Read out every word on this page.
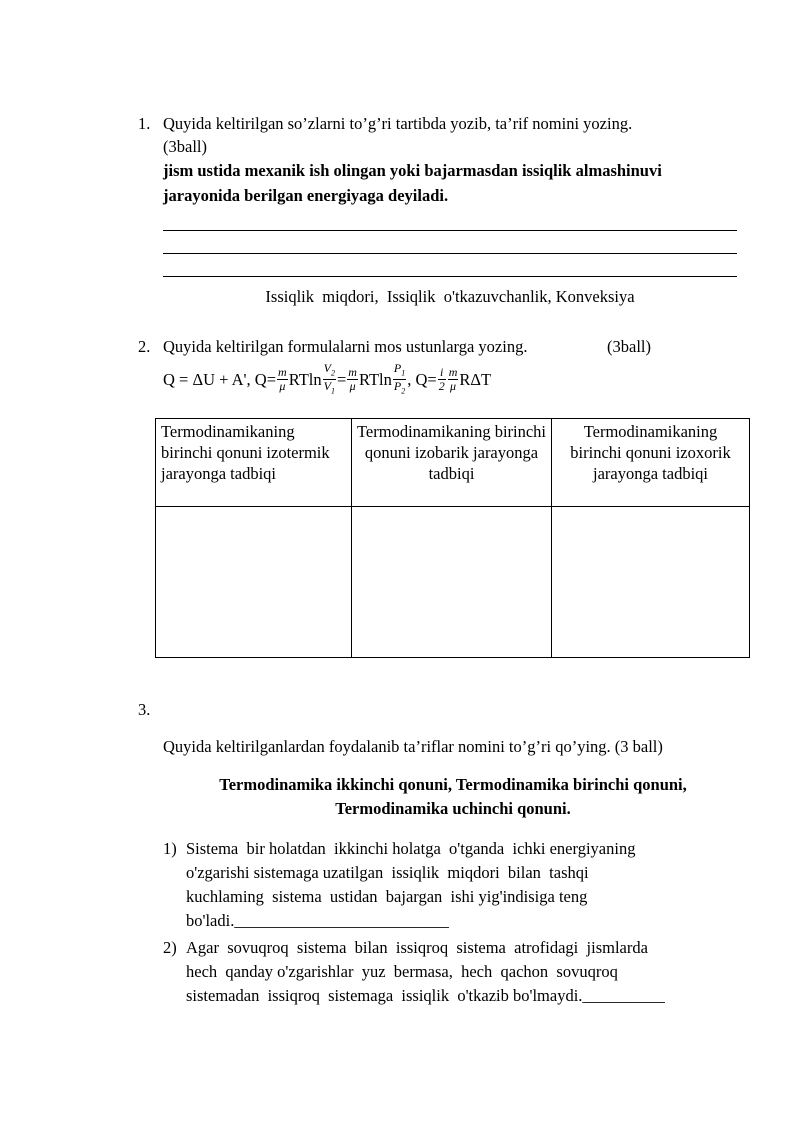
1. Quyida keltirilgan so’zlarni to’g’ri tartibda yozib, ta’rif nomini yozing.
(3ball)
jism ustida mexanik ish olingan yoki bajarmasdan issiqlik almashinuvi
jarayonida berilgan energiyaga deyiladi.
Issiqlik  miqdori,  Issiqlik  o'tkazuvchanlik, Konveksiya
2. Quyida keltirilgan formulalarni mos ustunlarga yozing.	(3ball)
Q = ΔU + A', $Q= \frac{m}{\mu}$ RTln $\frac{V_2}{V_1} = \frac{m}{\mu}$ RTln $\frac{P_1}{P_2}$ , $Q= \frac{i}{2} \frac{m}{\mu}$ RΔT
Termodinamikaning birinchi qonuni izotermik jarayonga tadbiqi	Termodinamikaning birinchi qonuni izobarik jarayonga tadbiqi	Termodinamikaning birinchi qonuni izoxorik jarayonga tadbiqi

3.
Quyida keltirilganlardan foydalanib ta’riflar nomini to’g’ri qo’ying. (3 ball)
Termodinamika ikkinchi qonuni, Termodinamika birinchi qonuni,
Termodinamika uchinchi qonuni.
1) Sistema  bir holatdan  ikkinchi holatga  o'tganda  ichki energiyaning
o'zgarishi sistemaga uzatilgan  issiqlik  miqdori  bilan  tashqi
kuchlaming  sistema  ustidan  bajargan  ishi yig'indisiga teng
bo'ladi.__________________________
2) Agar  sovuqroq  sistema  bilan  issiqroq  sistema  atrofidagi  jismlarda
hech  qanday o'zgarishlar  yuz  bermasa,  hech  qachon  sovuqroq
sistemadan  issiqroq  sistemaga  issiqlik  o'tkazib bo'lmaydi.__________
